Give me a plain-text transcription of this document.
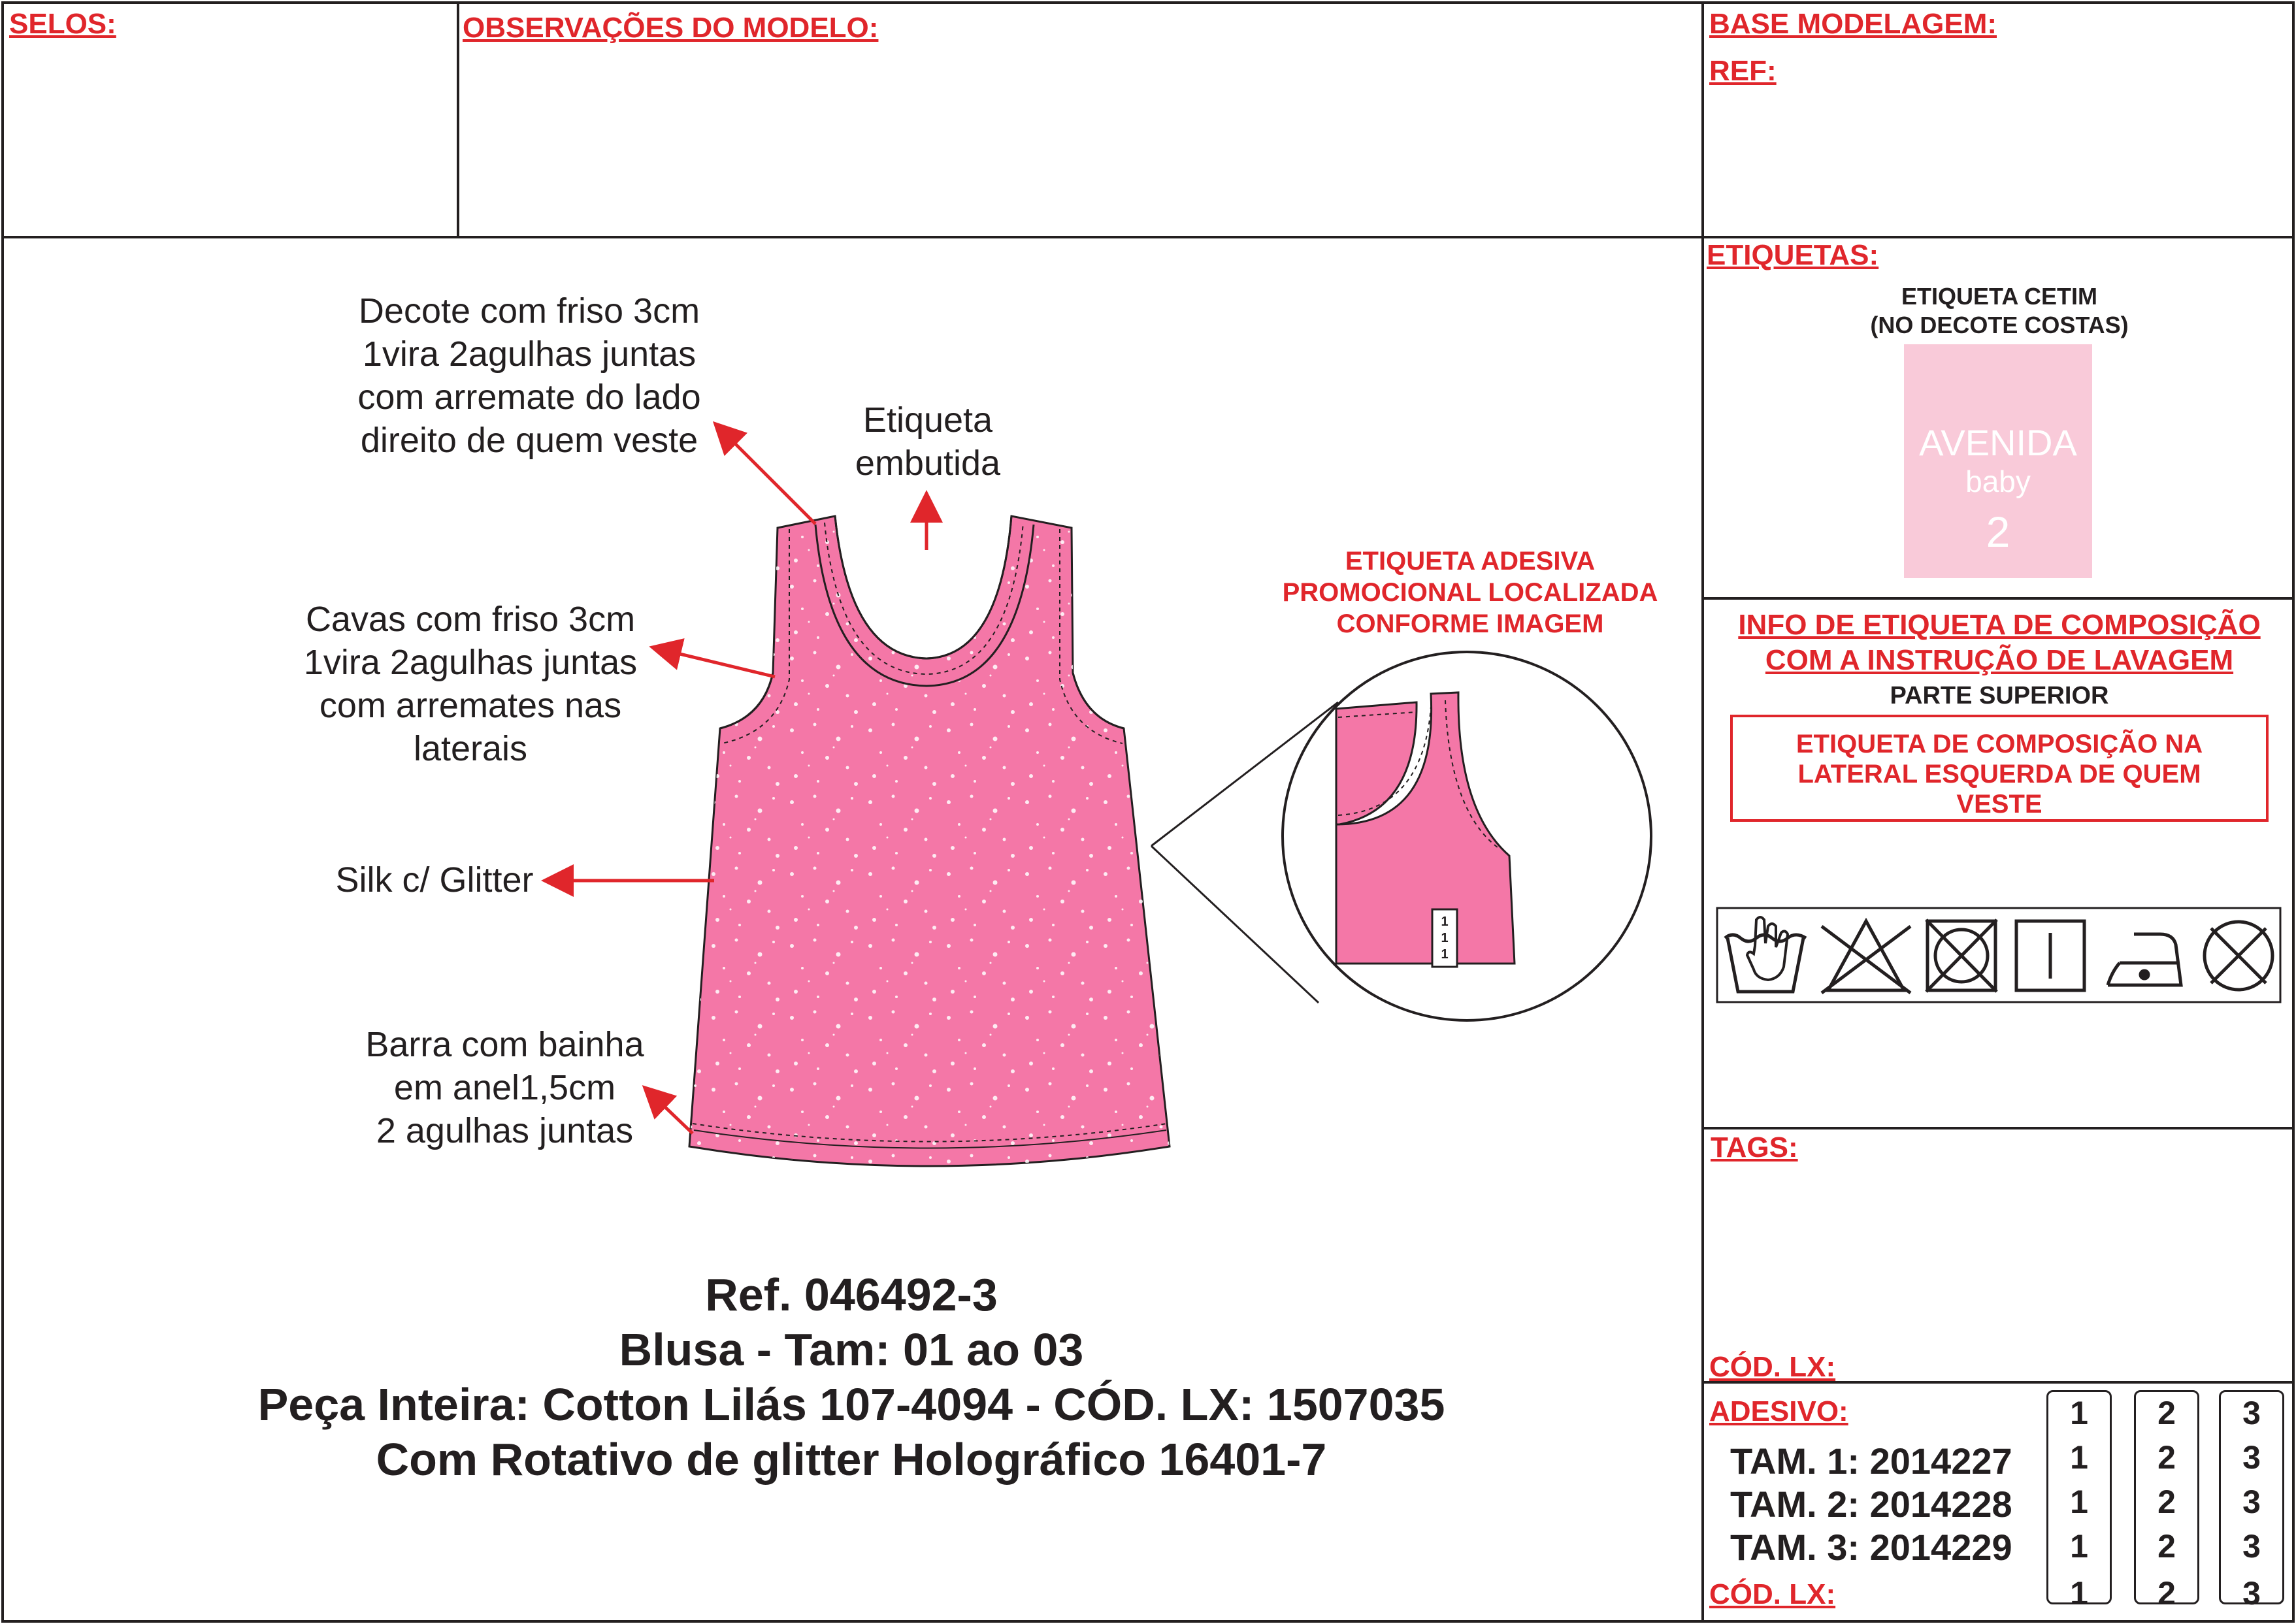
SELOS:	OBSERVAÇÕES DO MODELO:	BASE MODELAGEM:
REF:
1
1
1
Decote com friso 3cm
1vira 2agulhas juntas
com arremate do lado
direito de quem veste
Etiqueta
embutida
Cavas com friso 3cm
1vira 2agulhas juntas
com arremates nas
laterais
Silk c/ Glitter
Barra com bainha
em anel1,5cm
2 agulhas juntas
ETIQUETA ADESIVA
PROMOCIONAL LOCALIZADA
CONFORME IMAGEM
Ref. 046492-3
Blusa - Tam: 01 ao 03
Peça Inteira: Cotton Lilás 107-4094 - CÓD. LX: 1507035
Com Rotativo de glitter Holográfico 16401-7
ETIQUETAS:
ETIQUETA CETIM
(NO DECOTE COSTAS)
AVENIDA
baby
2
INFO DE ETIQUETA DE COMPOSIÇÃO
COM A INSTRUÇÃO DE LAVAGEM
PARTE SUPERIOR
ETIQUETA DE COMPOSIÇÃO NA
LATERAL ESQUERDA DE QUEM
VESTE
TAGS:
CÓD. LX:
ADESIVO:
TAM. 1: 2014227
TAM. 2: 2014228
TAM. 3: 2014229
CÓD. LX:
1
1
1
1
1
2
2
2
2
2
3
3
3
3
3
